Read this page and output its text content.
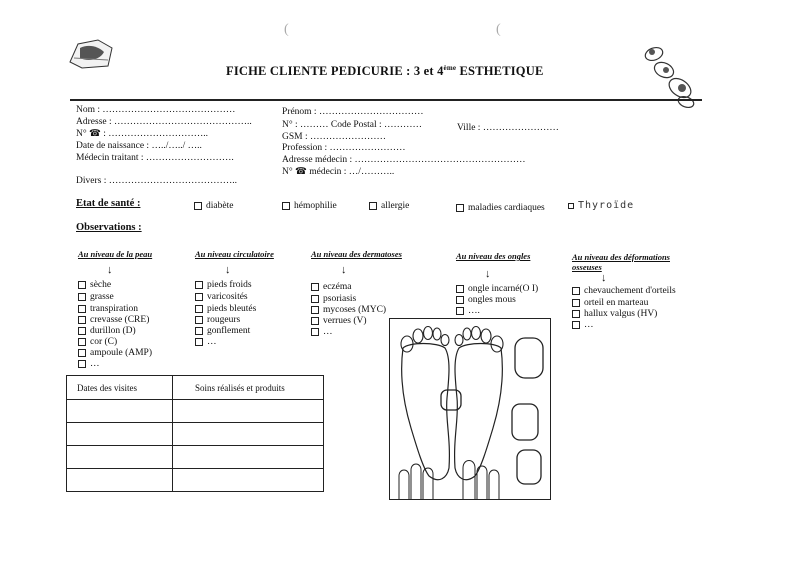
(	(
FICHE CLIENTE PEDICURIE : 3 et 4ème ESTHETIQUE
Nom : ……………………………………
Adresse : ……………………………………..
N° ☎ : …………………………..
Date de naissance : …../…../ …..
Médecin traitant : ……………………….
Divers : …………………………………..
Prénom : ……………………………
N° : ……… Code Postal : …………
GSM : ……………………
Profession : ……………………
Adresse médecin : ………………………………………………
N° ☎ médecin : …/………..
Ville : ……………………
Etat de santé :	diabète	hémophilie	allergie	maladies cardiaques	Thyroïde
Observations :
Au niveau de la peau
↓
sèche
grasse
transpiration
crevasse (CRE)
durillon (D)
cor (C)
ampoule (AMP)
…
Au niveau circulatoire
↓
pieds froids
varicosités
pieds bleutés
rougeurs
gonflement
…
Au niveau des dermatoses
↓
eczéma
psoriasis
mycoses (MYC)
verrues (V)
…
Au niveau des ongles
↓
ongle incarné(O I)
ongles mous
….
Au niveau des déformations osseuses
↓
chevauchement d'orteils
orteil en marteau
hallux valgus (HV)
…
Dates des visites	Soins réalisés et produits
